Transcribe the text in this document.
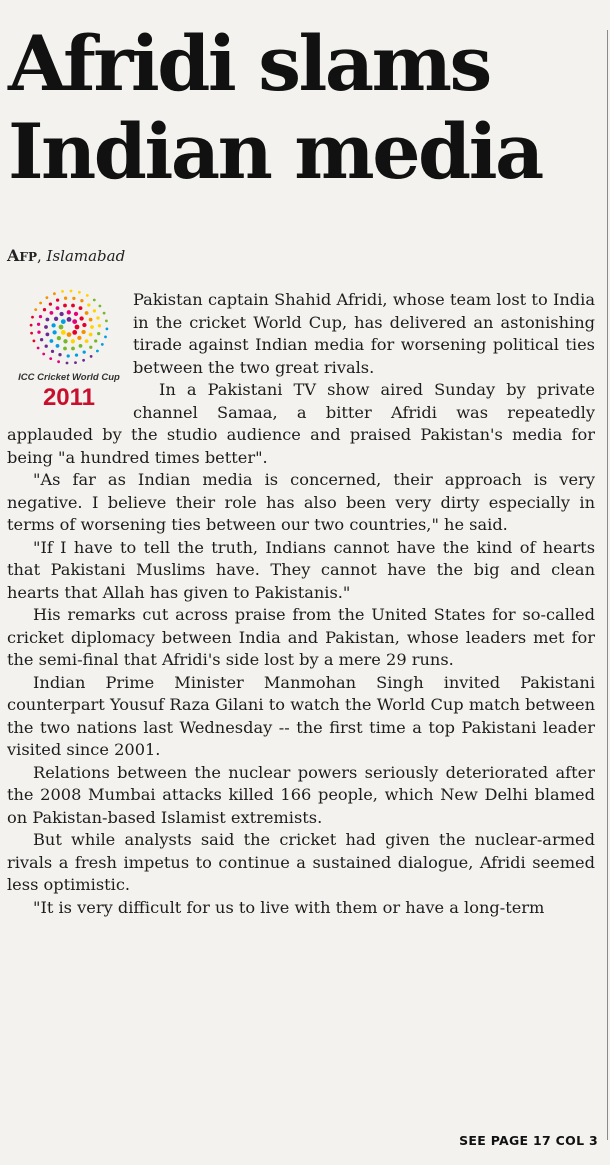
Afridi slams Indian media
AFP, Islamabad
ICC Cricket World Cup
2011

Pakistan captain Shahid Afridi, whose team lost to India in the cricket World Cup, has delivered an astonishing tirade against Indian media for worsening political ties between the two great rivals.

In a Pakistani TV show aired Sunday by private channel Samaa, a bitter Afridi was repeatedly applauded by the studio audience and praised Pakistan's media for being "a hundred times better".

"As far as Indian media is concerned, their approach is very negative. I believe their role has also been very dirty especially in terms of worsening ties between our two countries," he said.

"If I have to tell the truth, Indians cannot have the kind of hearts that Pakistani Muslims have. They cannot have the big and clean hearts that Allah has given to Pakistanis."

His remarks cut across praise from the United States for so-called cricket diplomacy between India and Pakistan, whose leaders met for the semi-final that Afridi's side lost by a mere 29 runs.

Indian Prime Minister Manmohan Singh invited Pakistani counterpart Yousuf Raza Gilani to watch the World Cup match between the two nations last Wednesday -- the first time a top Pakistani leader visited since 2001.

Relations between the nuclear powers seriously deteriorated after the 2008 Mumbai attacks killed 166 people, which New Delhi blamed on Pakistan-based Islamist extremists.

But while analysts said the cricket had given the nuclear-armed rivals a fresh impetus to continue a sustained dialogue, Afridi seemed less optimistic.

"It is very difficult for us to live with them or have a long-term

SEE PAGE 17 COL 3
